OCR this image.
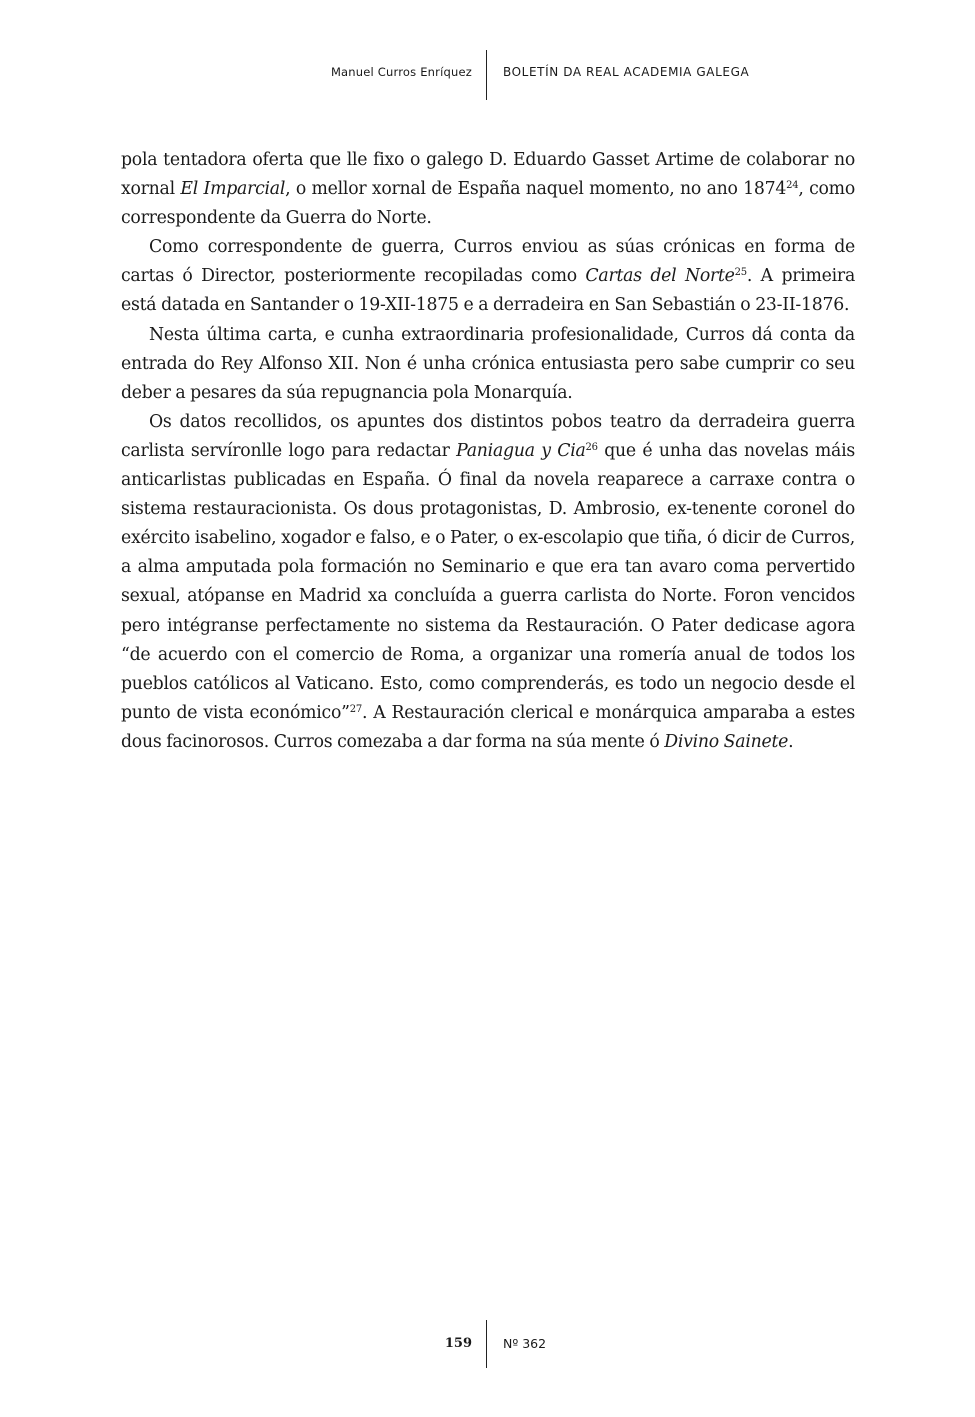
Manuel Curros Enríquez	BOLETÍN DA REAL ACADEMIA GALEGA

pola tentadora oferta que lle fixo o galego D. Eduardo Gasset Artime de colaborar no xornal El Imparcial, o mellor xornal de España naquel momento, no ano 1874$^{24}$, como correspondente da Guerra do Norte.

Como correspondente de guerra, Curros enviou as súas crónicas en forma de cartas ó Director, posteriormente recopiladas como Cartas del Norte$^{25}$. A primeira está datada en Santander o 19-XII-1875 e a derradeira en San Sebastián o 23-II-1876.

Nesta última carta, e cunha extraordinaria profesionalidade, Curros dá conta da entrada do Rey Alfonso XII. Non é unha crónica entusiasta pero sabe cumprir co seu deber a pesares da súa repugnancia pola Monarquía.

Os datos recollidos, os apuntes dos distintos pobos teatro da derradeira guerra carlista servíronlle logo para redactar Paniagua y Cia$^{26}$ que é unha das novelas máis anticarlistas publicadas en España. Ó final da novela reaparece a carraxe contra o sistema restauracionista. Os dous protagonistas, D. Ambrosio, ex-tenente coronel do exército isabelino, xogador e falso, e o Pater, o ex-escolapio que tiña, ó dicir de Curros, a alma amputada pola formación no Seminario e que era tan avaro coma pervertido sexual, atópanse en Madrid xa concluída a guerra carlista do Norte. Foron vencidos pero intégranse perfectamente no sistema da Restauración. O Pater dedicase agora “de acuerdo con el comercio de Roma, a organizar una romería anual de todos los pueblos católicos al Vaticano. Esto, como comprenderás, es todo un negocio desde el punto de vista económico”$^{27}$. A Restauración clerical e monárquica amparaba a estes dous facinorosos. Curros comezaba a dar forma na súa mente ó Divino Sainete.

159 Nº 362
